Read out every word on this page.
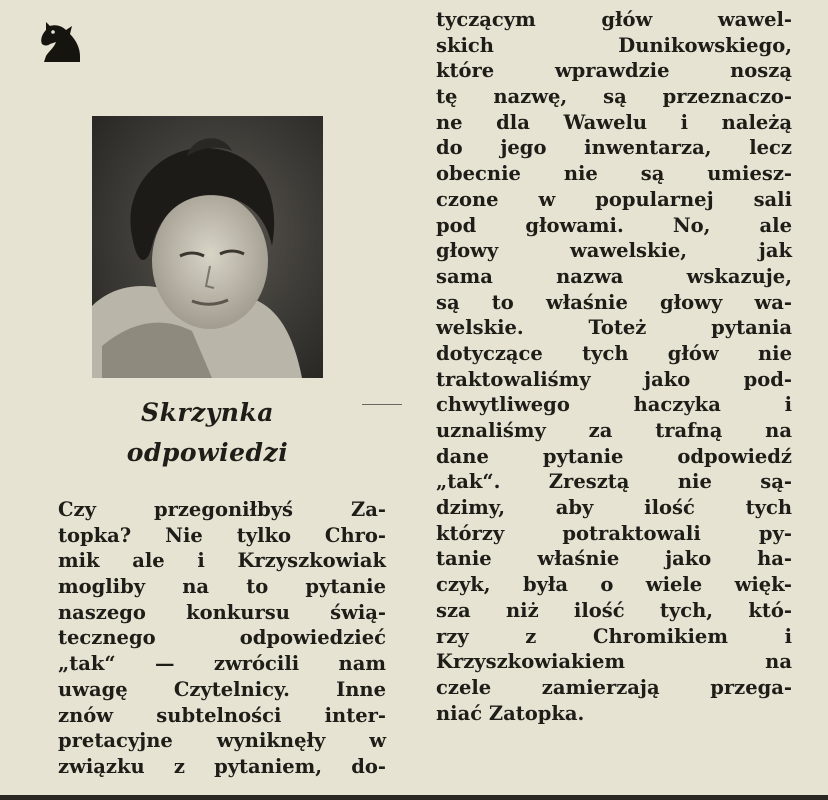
Skrzynka
odpowiedzi
Czy przegoniłbyś Za-
topka? Nie tylko Chro-
mik ale i Krzyszkowiak
mogliby na to pytanie
naszego konkursu świą-
tecznego odpowiedzieć
„tak“ — zwrócili nam
uwagę Czytelnicy. Inne
znów subtelności inter-
pretacyjne wyniknęły w
związku z pytaniem, do-
tyczącym głów wawel-
skich Dunikowskiego,
które wprawdzie noszą
tę nazwę, są przeznaczo-
ne dla Wawelu i należą
do jego inwentarza, lecz
obecnie nie są umiesz-
czone w popularnej sali
pod głowami. No, ale
głowy wawelskie, jak
sama nazwa wskazuje,
są to właśnie głowy wa-
welskie. Toteż pytania
dotyczące tych głów nie
traktowaliśmy jako pod-
chwytliwego haczyka i
uznaliśmy za trafną na
dane pytanie odpowiedź
„tak“. Zresztą nie są-
dzimy, aby ilość tych
którzy potraktowali py-
tanie właśnie jako ha-
czyk, była o wiele więk-
sza niż ilość tych, któ-
rzy z Chromikiem i
Krzyszkowiakiem na
czele zamierzają przega-
niać Zatopka.
